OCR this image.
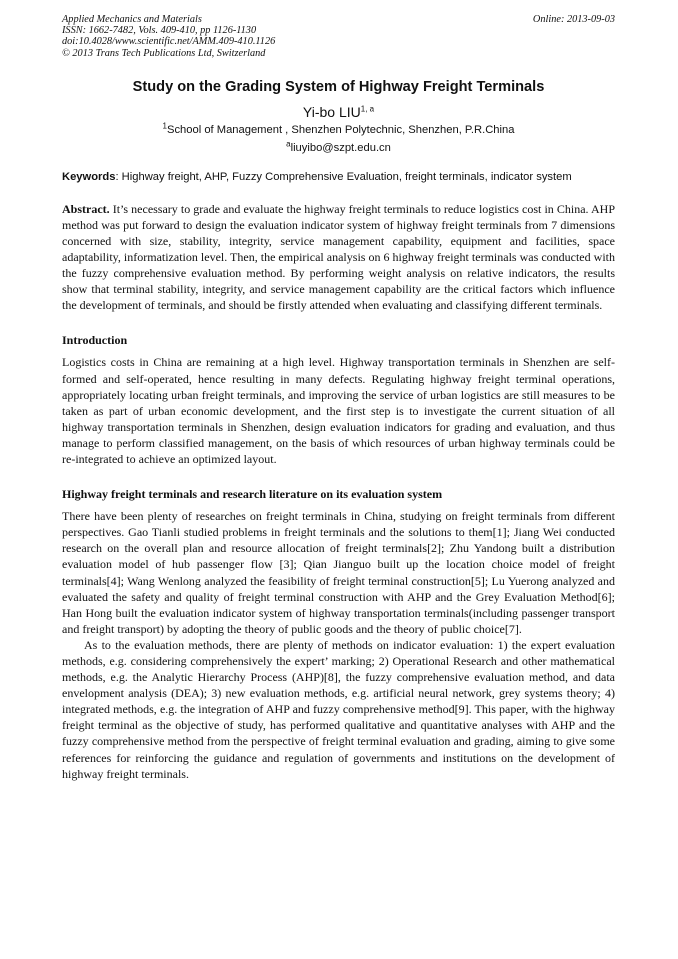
Applied Mechanics and Materials
ISSN: 1662-7482, Vols. 409-410, pp 1126-1130
doi:10.4028/www.scientific.net/AMM.409-410.1126
© 2013 Trans Tech Publications Ltd, Switzerland
Online: 2013-09-03
Study on the Grading System of Highway Freight Terminals
Yi-bo LIU$^{1, a}$
$^1$School of Management , Shenzhen Polytechnic, Shenzhen, P.R.China
$^a$liuyibo@szpt.edu.cn
Keywords: Highway freight, AHP, Fuzzy Comprehensive Evaluation, freight terminals, indicator system
Abstract. It’s necessary to grade and evaluate the highway freight terminals to reduce logistics cost in China. AHP method was put forward to design the evaluation indicator system of highway freight terminals from 7 dimensions concerned with size, stability, integrity, service management capability, equipment and facilities, space adaptability, informatization level. Then, the empirical analysis on 6 highway freight terminals was conducted with the fuzzy comprehensive evaluation method. By performing weight analysis on relative indicators, the results show that terminal stability, integrity, and service management capability are the critical factors which influence the development of terminals, and should be firstly attended when evaluating and classifying different terminals.
Introduction
Logistics costs in China are remaining at a high level. Highway transportation terminals in Shenzhen are self-formed and self-operated, hence resulting in many defects. Regulating highway freight terminal operations, appropriately locating urban freight terminals, and improving the service of urban logistics are still measures to be taken as part of urban economic development, and the first step is to investigate the current situation of all highway transportation terminals in Shenzhen, design evaluation indicators for grading and evaluation, and thus manage to perform classified management, on the basis of which resources of urban highway terminals could be re-integrated to achieve an optimized layout.
Highway freight terminals and research literature on its evaluation system
There have been plenty of researches on freight terminals in China, studying on freight terminals from different perspectives. Gao Tianli studied problems in freight terminals and the solutions to them[1]; Jiang Wei conducted research on the overall plan and resource allocation of freight terminals[2]; Zhu Yandong built a distribution evaluation model of hub passenger flow [3]; Qian Jianguo built up the location choice model of freight terminals[4]; Wang Wenlong analyzed the feasibility of freight terminal construction[5]; Lu Yuerong analyzed and evaluated the safety and quality of freight terminal construction with AHP and the Grey Evaluation Method[6]; Han Hong built the evaluation indicator system of highway transportation terminals(including passenger transport and freight transport) by adopting the theory of public goods and the theory of public choice[7].
As to the evaluation methods, there are plenty of methods on indicator evaluation: 1) the expert evaluation methods, e.g. considering comprehensively the expert’ marking; 2) Operational Research and other mathematical methods, e.g. the Analytic Hierarchy Process (AHP)[8], the fuzzy comprehensive evaluation method, and data envelopment analysis (DEA); 3) new evaluation methods, e.g. artificial neural network, grey systems theory; 4) integrated methods, e.g. the integration of AHP and fuzzy comprehensive method[9]. This paper, with the highway freight terminal as the objective of study, has performed qualitative and quantitative analyses with AHP and the fuzzy comprehensive method from the perspective of freight terminal evaluation and grading, aiming to give some references for reinforcing the guidance and regulation of governments and institutions on the development of highway freight terminals.
